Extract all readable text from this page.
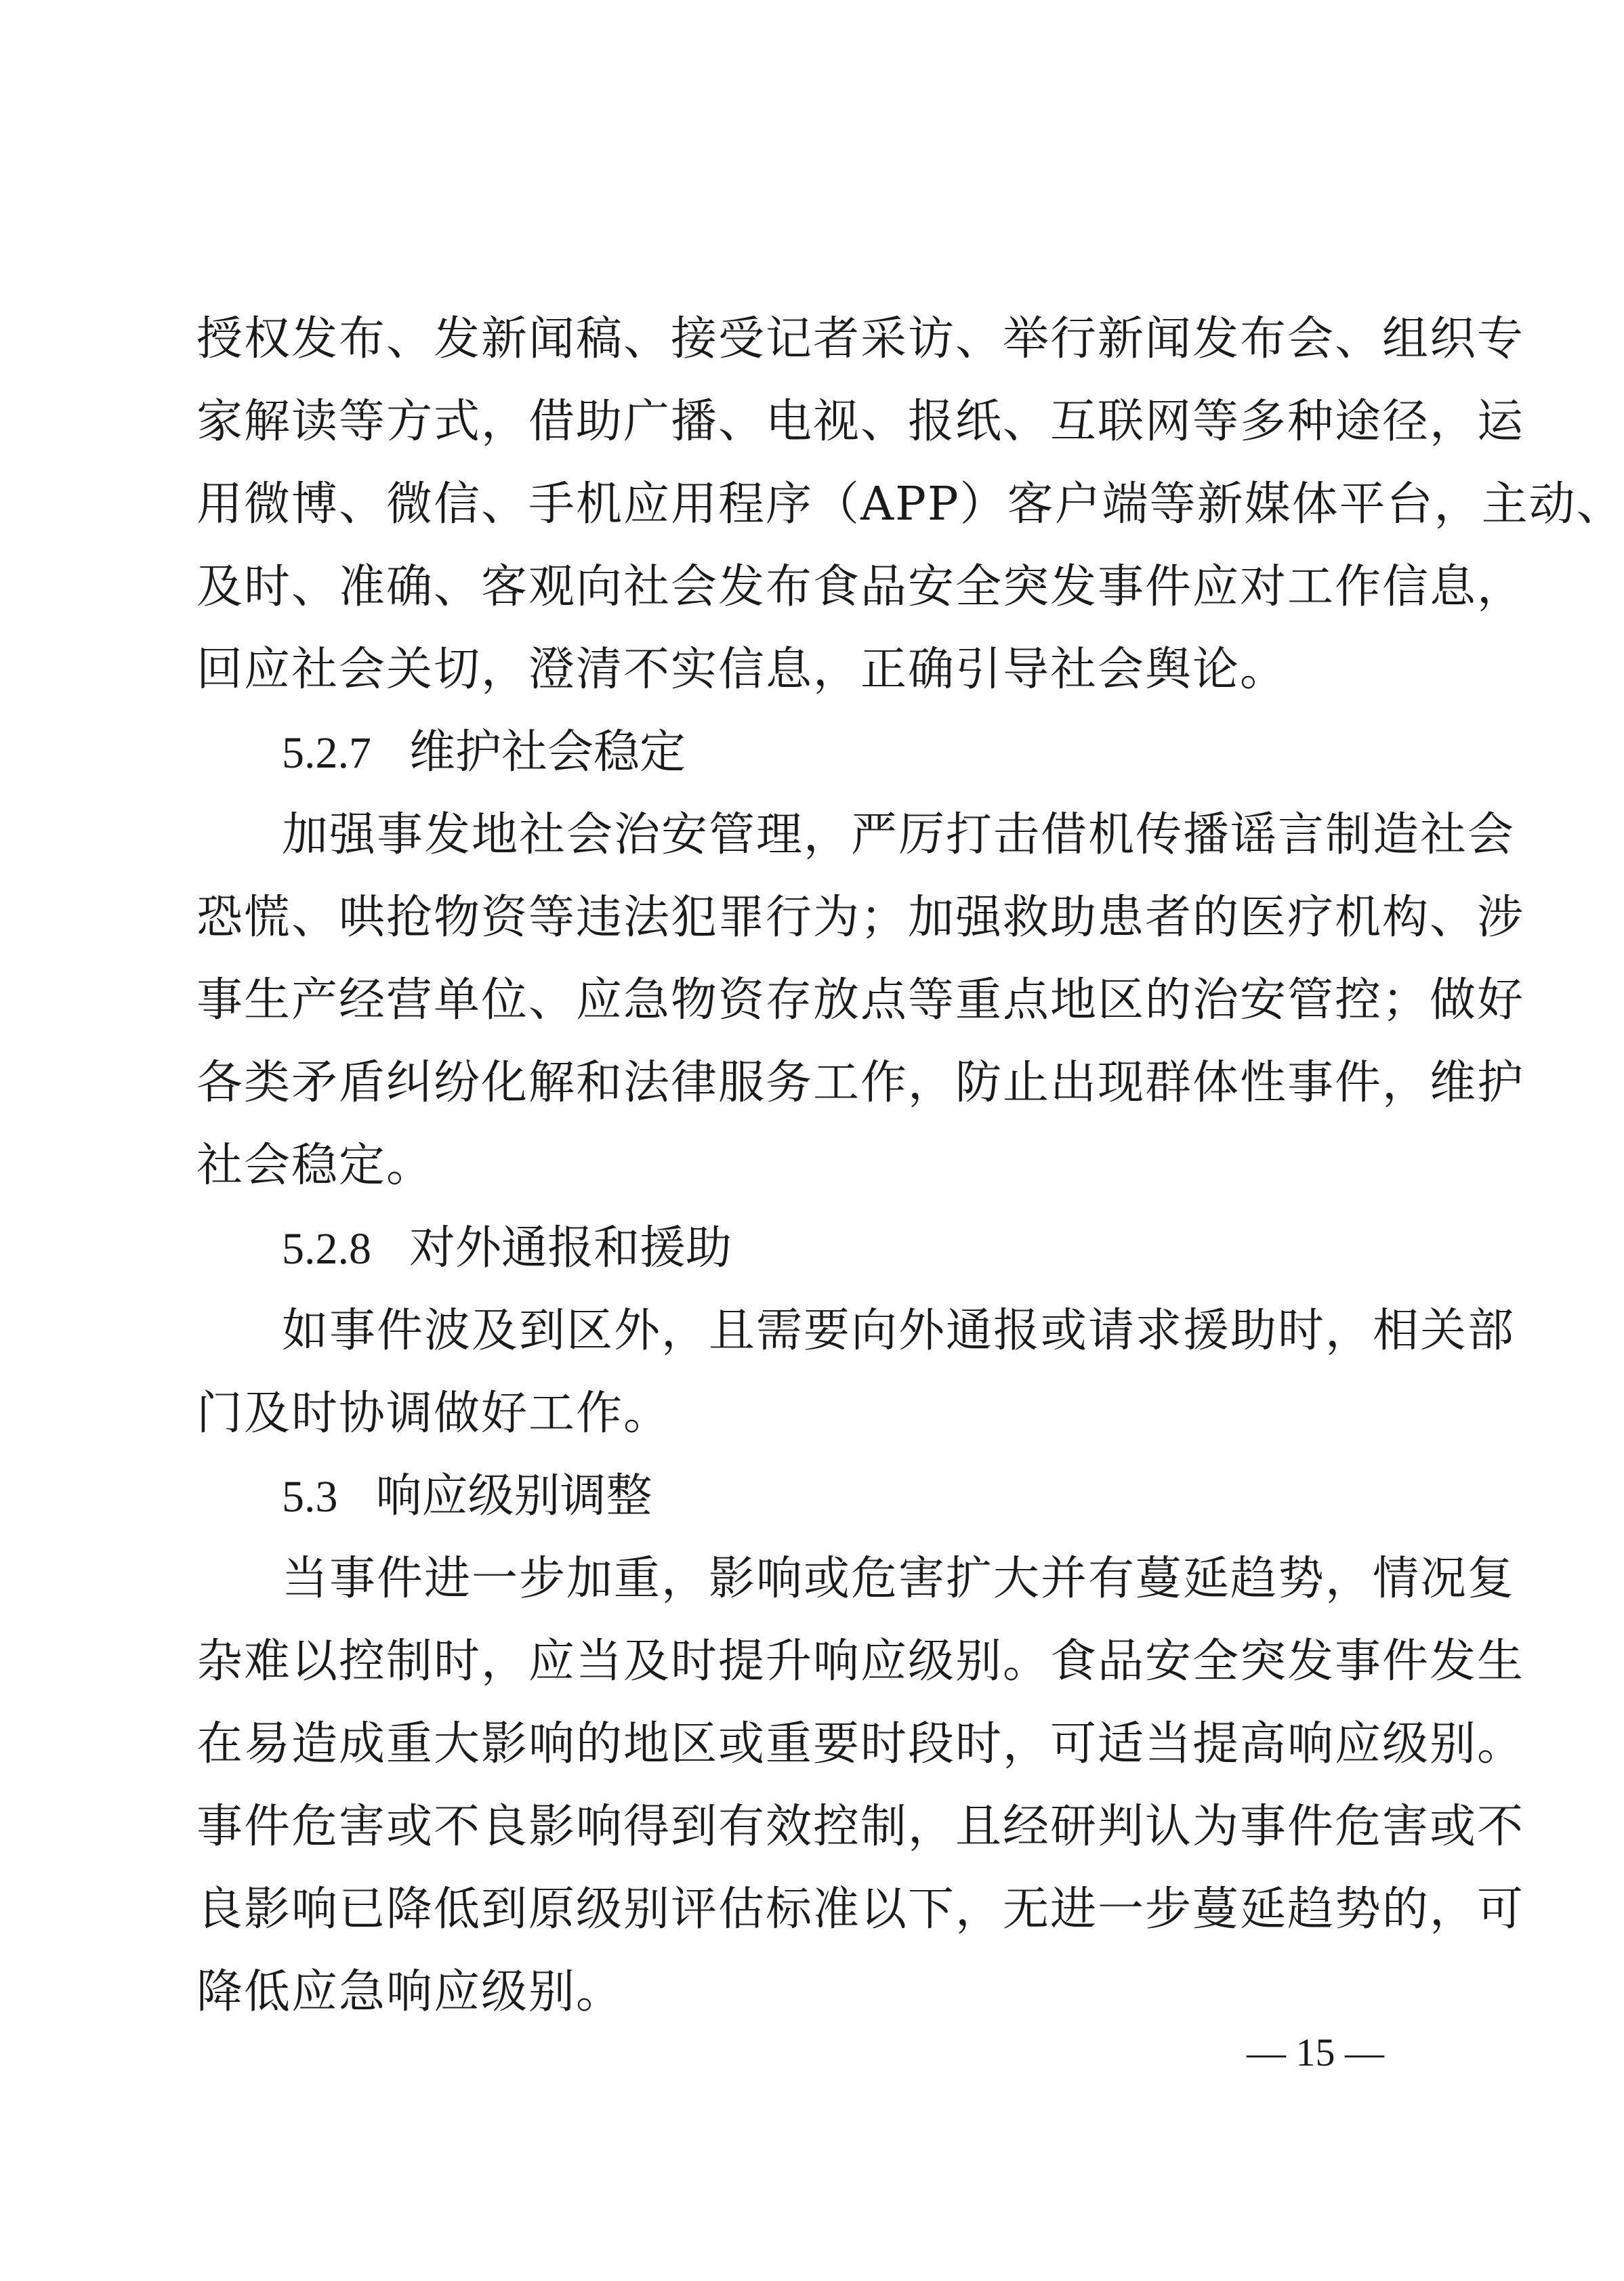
授权发布、发新闻稿、接受记者采访、举行新闻发布会、组织专
家解读等方式，借助广播、电视、报纸、互联网等多种途径，运
用微博、微信、手机应用程序（APP）客户端等新媒体平台，主动、
及时、准确、客观向社会发布食品安全突发事件应对工作信息，
回应社会关切，澄清不实信息，正确引导社会舆论。
5.2.7 维护社会稳定
加强事发地社会治安管理，严厉打击借机传播谣言制造社会
恐慌、哄抢物资等违法犯罪行为；加强救助患者的医疗机构、涉
事生产经营单位、应急物资存放点等重点地区的治安管控；做好
各类矛盾纠纷化解和法律服务工作，防止出现群体性事件，维护
社会稳定。
5.2.8 对外通报和援助
如事件波及到区外，且需要向外通报或请求援助时，相关部
门及时协调做好工作。
5.3 响应级别调整
当事件进一步加重，影响或危害扩大并有蔓延趋势，情况复
杂难以控制时，应当及时提升响应级别。食品安全突发事件发生
在易造成重大影响的地区或重要时段时，可适当提高响应级别。
事件危害或不良影响得到有效控制，且经研判认为事件危害或不
良影响已降低到原级别评估标准以下，无进一步蔓延趋势的，可
降低应急响应级别。
— 15 —
